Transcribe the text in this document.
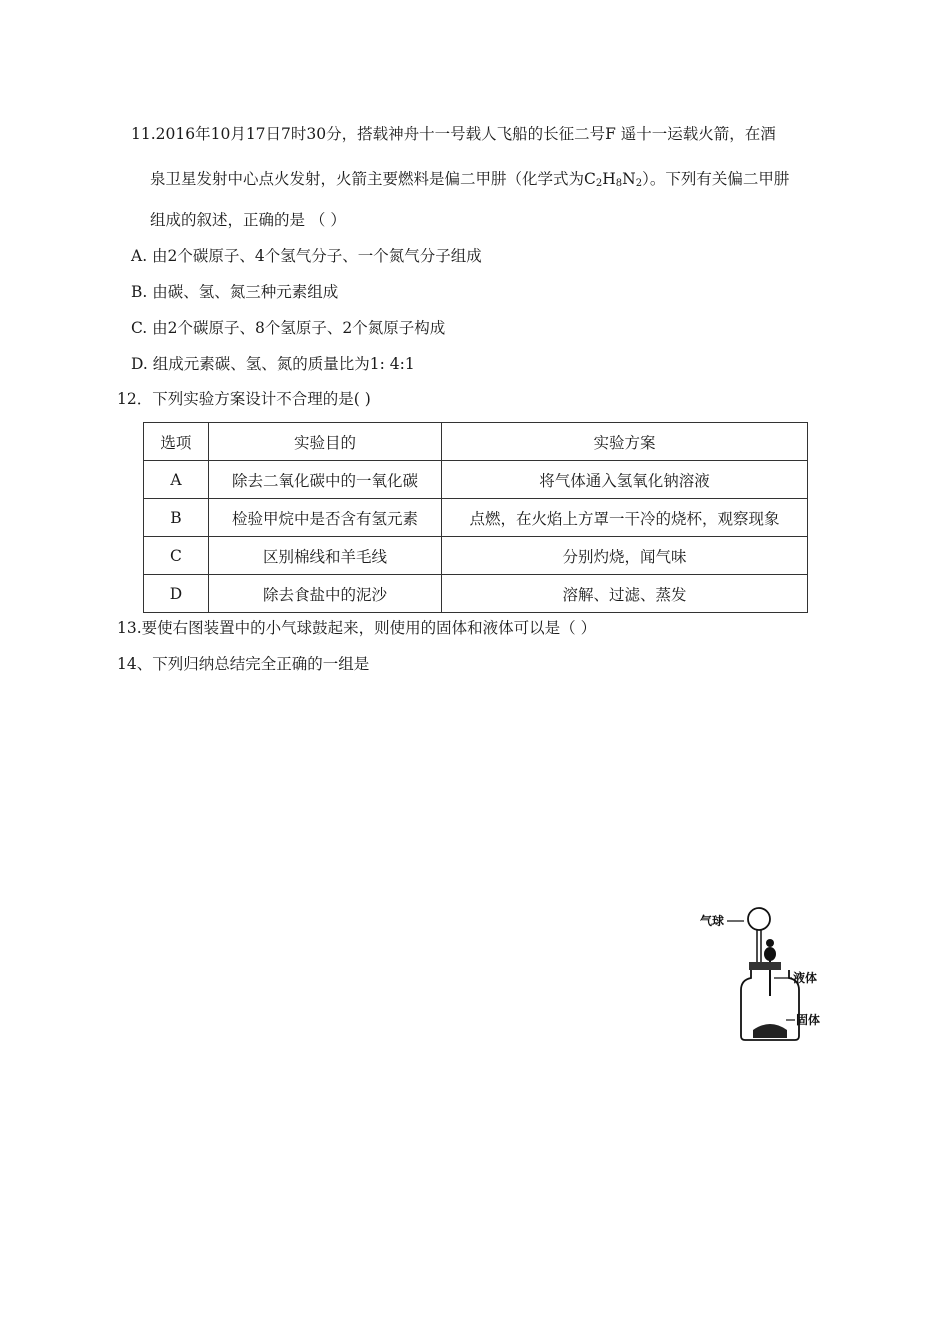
11.2016年10月17日7时30分，搭载神舟十一号载人飞船的长征二号F 遥十一运载火箭，在酒
泉卫星发射中心点火发射，火箭主要燃料是偏二甲肼（化学式为$C_2H_8N_2$）。下列有关偏二甲肼
组成的叙述，正确的是 （ ）
A. 由2个碳原子、4个氢气分子、一个氮气分子组成
B. 由碳、氢、氮三种元素组成
C. 由2个碳原子、8个氢原子、2个氮原子构成
D. 组成元素碳、氢、氮的质量比为1: 4:1
12．下列实验方案设计不合理的是( )
选项	实验目的	实验方案
A	除去二氧化碳中的一氧化碳	将气体通入氢氧化钠溶液
B	检验甲烷中是否含有氢元素	点燃，在火焰上方罩一干冷的烧杯，观察现象
C	区别棉线和羊毛线	分别灼烧，闻气味
D	除去食盐中的泥沙	溶解、过滤、蒸发
13.要使右图装置中的小气球鼓起来，则使用的固体和液体可以是（ ）
14、下列归纳总结完全正确的一组是
气球
液体
固体
